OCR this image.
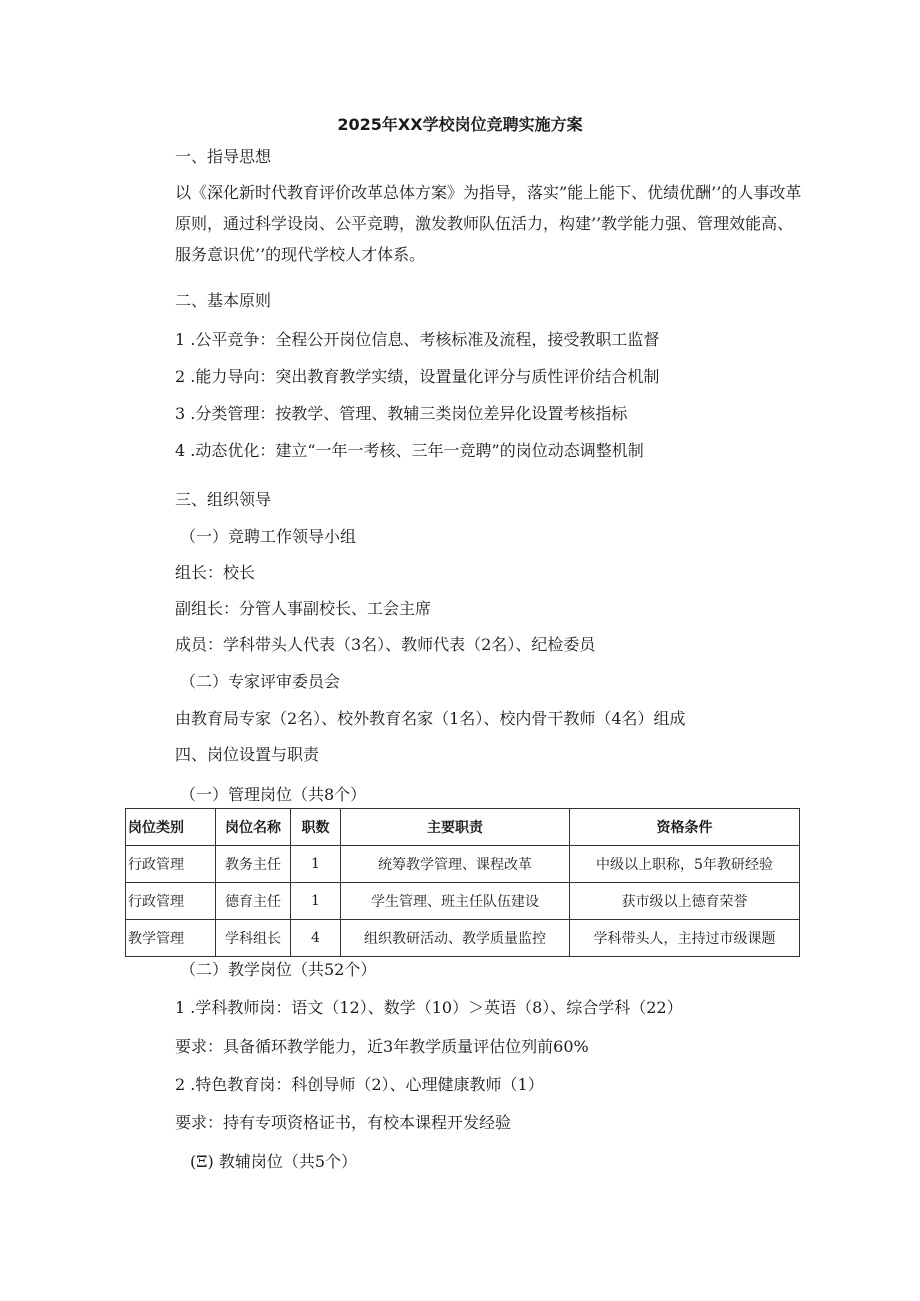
2025年XX学校岗位竞聘实施方案
一、指导思想
以《深化新时代教育评价改革总体方案》为指导，落实”能上能下、优绩优酬’’的人事改革原则，通过科学设岗、公平竞聘，激发教师队伍活力，构建’’教学能力强、管理效能高、服务意识优’’的现代学校人才体系。
二、基本原则
1 .公平竞争：全程公开岗位信息、考核标准及流程，接受教职工监督
2 .能力导向：突出教育教学实绩，设置量化评分与质性评价结合机制
3 .分类管理：按教学、管理、教辅三类岗位差异化设置考核指标
4 .动态优化：建立“一年一考核、三年一竞聘”的岗位动态调整机制
三、组织领导
（一）竞聘工作领导小组
组长：校长
副组长：分管人事副校长、工会主席
成员：学科带头人代表（3名）、教师代表（2名）、纪检委员
（二）专家评审委员会
由教育局专家（2名）、校外教育名家（1名）、校内骨干教师（4名）组成
四、岗位设置与职责
（一）管理岗位（共8个）
岗位类别	岗位名称	职数	主要职责	资格条件
行政管理	教务主任	1	统筹教学管理、课程改革	中级以上职称，5年教研经验
行政管理	德育主任	1	学生管理、班主任队伍建设	获市级以上德育荣誉
教学管理	学科组长	4	组织教研活动、教学质量监控	学科带头人，主持过市级课题
（二）教学岗位（共52个）
1 .学科教师岗：语文（12）、数学（10）＞英语（8）、综合学科（22）
要求：具备循环教学能力，近3年教学质量评估位列前60%
2 .特色教育岗：科创导师（2）、心理健康教师（1）
要求：持有专项资格证书，有校本课程开发经验
(Ξ) 教辅岗位（共5个）
